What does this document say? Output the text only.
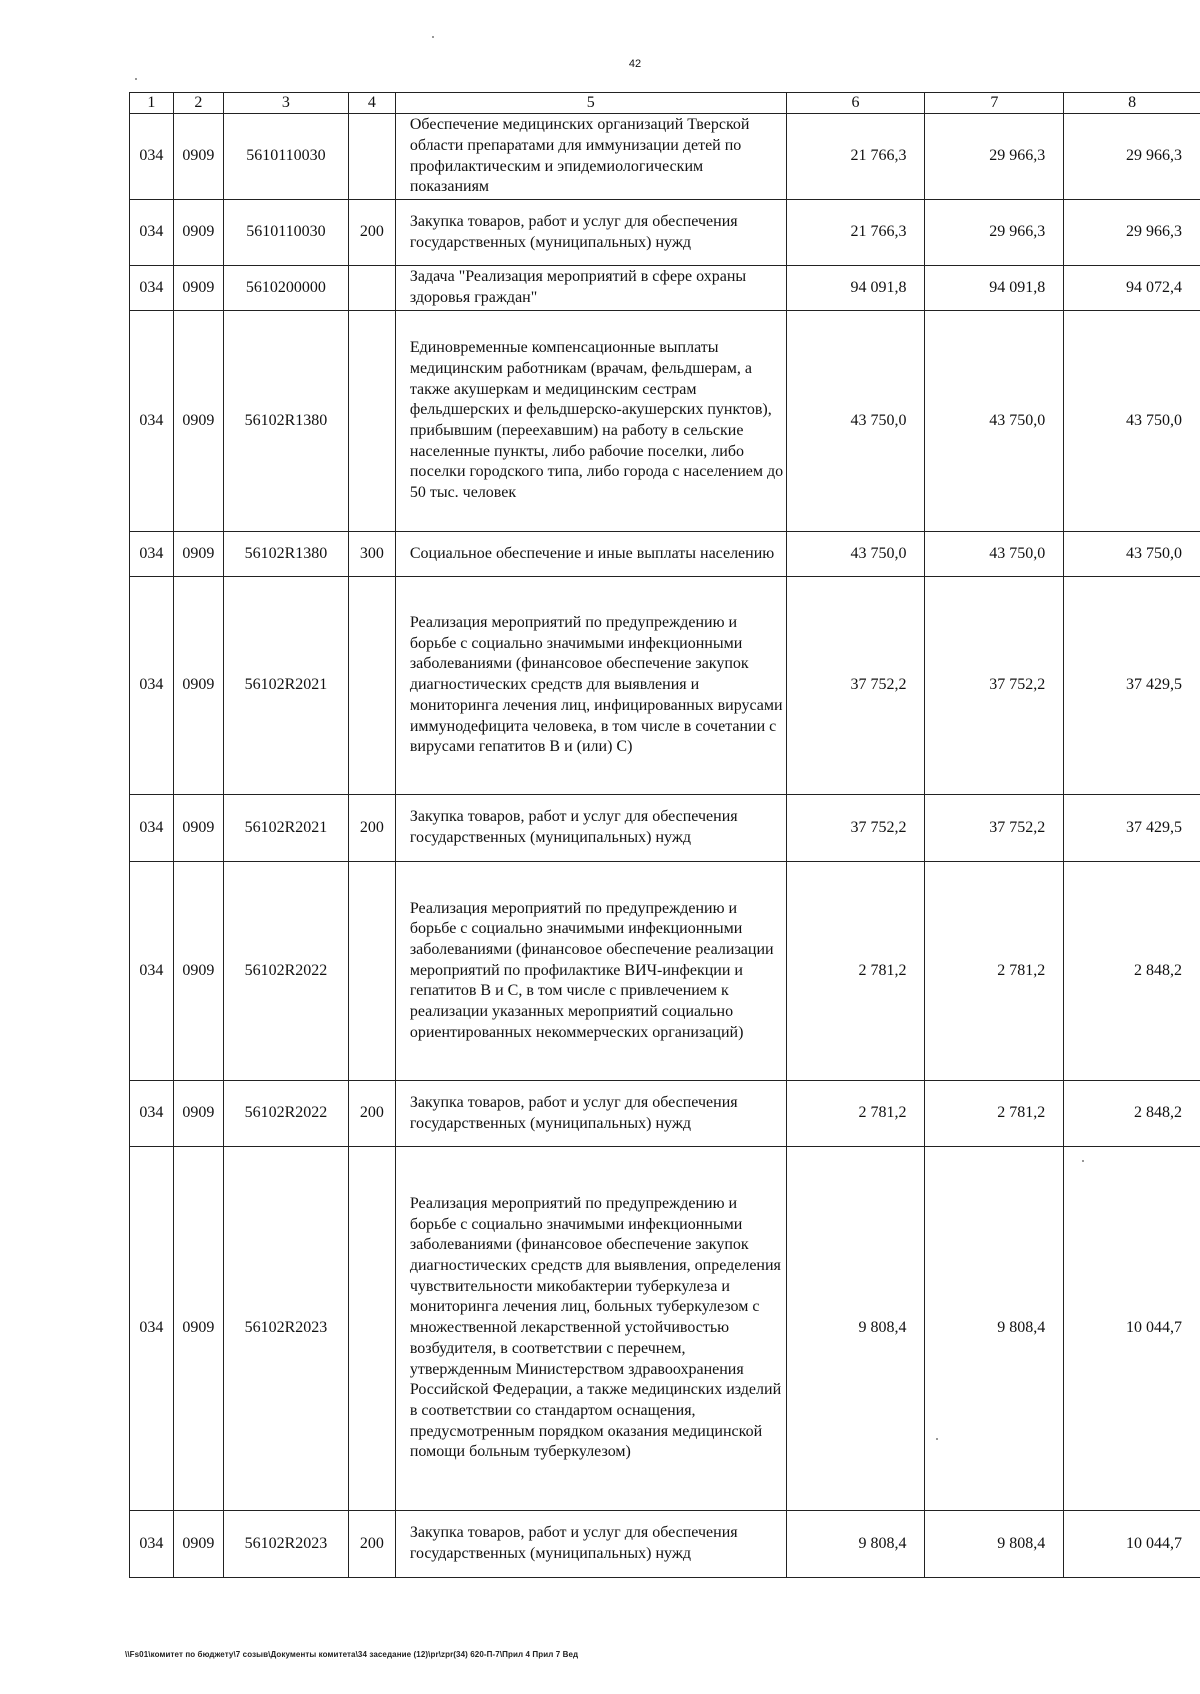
42
1	2	3	4	5	6	7	8
034	0909	5610110030		Обеспечение медицинских организаций Тверской области препаратами для иммунизации детей по профилактическим и эпидемиологическим показаниям	21 766,3	29 966,3	29 966,3
034	0909	5610110030	200	Закупка товаров, работ и услуг для обеспечения государственных (муниципальных) нужд	21 766,3	29 966,3	29 966,3
034	0909	5610200000		Задача "Реализация мероприятий в сфере охраны здоровья граждан"	94 091,8	94 091,8	94 072,4
034	0909	56102R1380		Единовременные компенсационные выплаты медицинским работникам (врачам, фельдшерам, а также акушеркам и медицинским сестрам фельдшерских и фельдшерско-акушерских пунктов), прибывшим (переехавшим) на работу в сельские населенные пункты, либо рабочие поселки, либо поселки городского типа, либо города с населением до 50 тыс. человек	43 750,0	43 750,0	43 750,0
034	0909	56102R1380	300	Социальное обеспечение и иные выплаты населению	43 750,0	43 750,0	43 750,0
034	0909	56102R2021		Реализация мероприятий по предупреждению и борьбе с социально значимыми инфекционными заболеваниями (финансовое обеспечение закупок диагностических средств для выявления и мониторинга лечения лиц, инфицированных вирусами иммунодефицита человека, в том числе в сочетании с вирусами гепатитов B и (или) C)	37 752,2	37 752,2	37 429,5
034	0909	56102R2021	200	Закупка товаров, работ и услуг для обеспечения государственных (муниципальных) нужд	37 752,2	37 752,2	37 429,5
034	0909	56102R2022		Реализация мероприятий по предупреждению и борьбе с социально значимыми инфекционными заболеваниями (финансовое обеспечение реализации мероприятий по профилактике ВИЧ-инфекции и гепатитов B и C, в том числе с привлечением к реализации указанных мероприятий социально ориентированных некоммерческих организаций)	2 781,2	2 781,2	2 848,2
034	0909	56102R2022	200	Закупка товаров, работ и услуг для обеспечения государственных (муниципальных) нужд	2 781,2	2 781,2	2 848,2
034	0909	56102R2023		Реализация мероприятий по предупреждению и борьбе с социально значимыми инфекционными заболеваниями (финансовое обеспечение закупок диагностических средств для выявления, определения чувствительности микобактерии туберкулеза и мониторинга лечения лиц, больных туберкулезом с множественной лекарственной устойчивостью возбудителя, в соответствии с перечнем, утвержденным Министерством здравоохранения Российской Федерации, а также медицинских изделий в соответствии со стандартом оснащения, предусмотренным порядком оказания медицинской помощи больным туберкулезом)	9 808,4	9 808,4	10 044,7
034	0909	56102R2023	200	Закупка товаров, работ и услуг для обеспечения государственных (муниципальных) нужд	9 808,4	9 808,4	10 044,7
\\Fs01\комитет по бюджету\7 созыв\Документы комитета\34 заседание (12)\pr\zpr(34) 620-П-7\Прил 4 Прил 7 Вед
